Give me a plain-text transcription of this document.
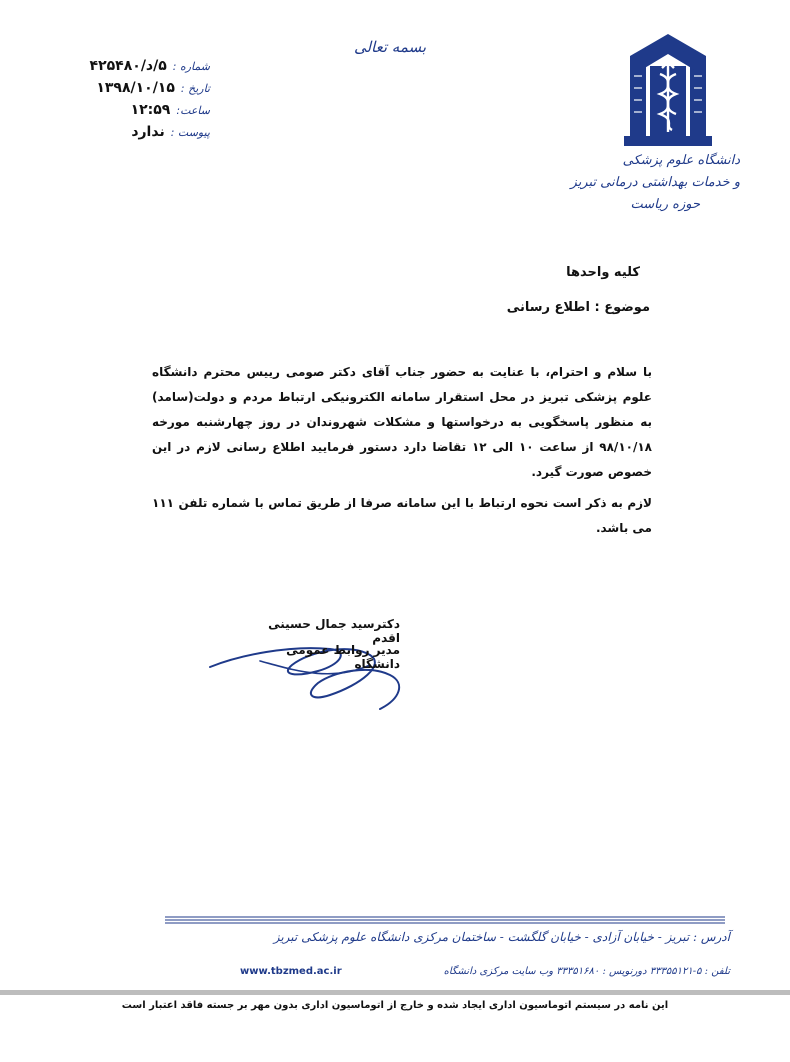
شماره :
۵/د/۴۲۵۴۸۰
تاریخ :
۱۳۹۸/۱۰/۱۵
ساعت:
۱۲:۵۹
پیوست :
ندارد
بسمه تعالی
دانشگاه علوم پزشکی
و خدمات بهداشتی درمانی تبریز
حوزه ریاست
کلیه واحدها
موضوع : اطلاع رسانی

با سلام و احترام، با عنایت به حضور جناب آقای دکتر صومی رییس محترم دانشگاه علوم پزشکی تبریز در محل استقرار سامانه الکترونیکی ارتباط مردم و دولت(سامد) به منظور پاسخگویی به درخواستها و مشکلات شهروندان در روز چهارشنبه مورخه ۹۸/۱۰/۱۸ از ساعت ۱۰ الی ۱۲ تقاضا دارد دستور فرمایید اطلاع رسانی لازم در این خصوص صورت گیرد.

لازم به ذکر است نحوه ارتباط با این سامانه صرفا از طریق تماس با شماره تلفن ۱۱۱ می باشد.

دکترسید جمال حسینی اقدم
مدیر روابط عمومی دانشگاه
آدرس : تبریز - خیابان آزادی - خیابان گلگشت - ساختمان مرکزی دانشگاه علوم پزشکی تبریز
www.tbzmed.ac.ir	تلفن : ۵-۳۳۳۵۵۱۲۱ دورنویس : ۳۳۳۵۱۶۸۰ وب سایت مرکزی دانشگاه
این نامه در سیستم اتوماسیون اداری ایجاد شده و خارج از اتوماسیون اداری بدون مهر بر جسته فاقد اعتبار است
